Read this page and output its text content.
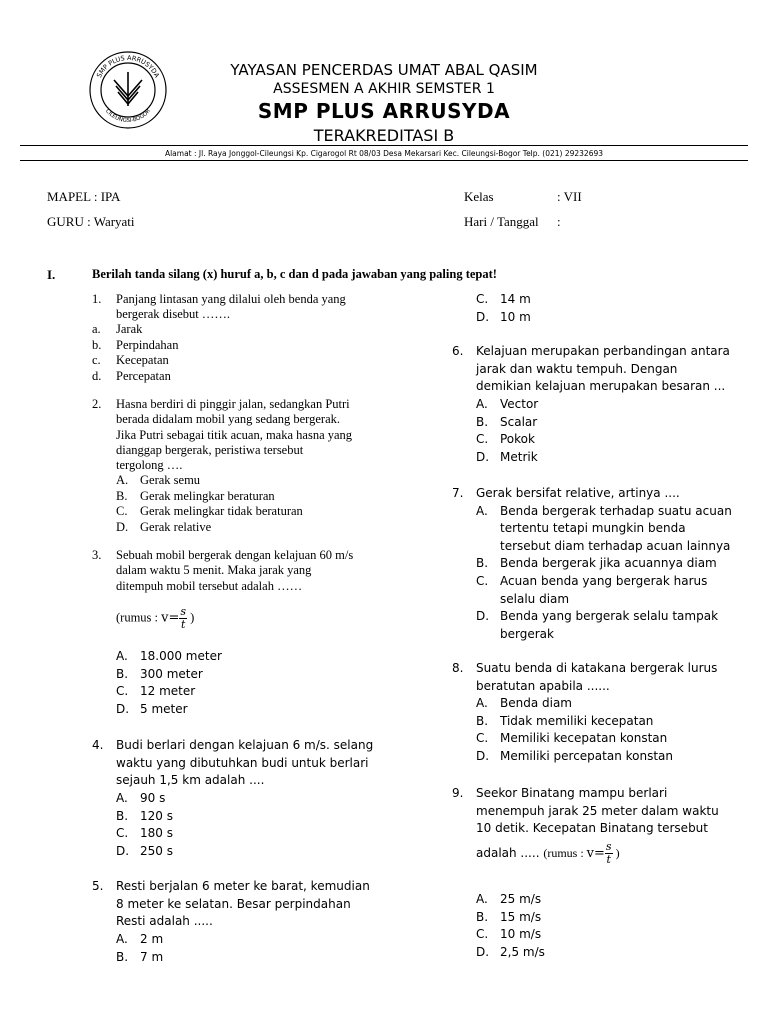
SMP PLUS ARRUSYDA
CILEUNGSI-BOGOR
YAYASAN PENCERDAS UMAT ABAL QASIM
ASSESMEN A AKHIR SEMSTER 1
SMP PLUS ARRUSYDA
TERAKREDITASI B
Alamat : Jl. Raya Jonggol-Cileungsi Kp. Cigarogol Rt 08/03 Desa Mekarsari Kec. Cileungsi-Bogor Telp. (021) 29232693
MAPEL : IPA
GURU : Waryati
Kelas	: VII
Hari / Tanggal :
I.	Berilah tanda silang (x) huruf a, b, c dan d pada jawaban yang paling tepat!
1. Panjang lintasan yang dilalui oleh benda yang
bergerak disebut …….
a. Jarak
b. Perpindahan
c. Kecepatan
d. Percepatan
2. Hasna berdiri di pinggir jalan, sedangkan Putri
berada didalam mobil yang sedang bergerak.
Jika Putri sebagai titik acuan, maka hasna yang
dianggap bergerak, peristiwa tersebut
tergolong ….
A. Gerak semu
B. Gerak melingkar beraturan
C. Gerak melingkar tidak beraturan
D. Gerak relative
3. Sebuah mobil bergerak dengan kelajuan 60 m/s
dalam waktu 5 menit. Maka jarak yang
ditempuh mobil tersebut adalah ……
(rumus : $v= \frac{s}{t}$ )
A. 18.000 meter
B. 300 meter
C. 12 meter
D. 5 meter
4. Budi berlari dengan kelajuan 6 m/s. selang
waktu yang dibutuhkan budi untuk berlari
sejauh 1,5 km adalah ....
A. 90 s
B. 120 s
C. 180 s
D. 250 s
5. Resti berjalan 6 meter ke barat, kemudian
8 meter ke selatan. Besar perpindahan
Resti adalah .....
A. 2 m
B. 7 m
C. 14 m
D. 10 m
6. Kelajuan merupakan perbandingan antara
jarak dan waktu tempuh. Dengan
demikian kelajuan merupakan besaran ...
A. Vector
B. Scalar
C. Pokok
D. Metrik
7. Gerak bersifat relative, artinya ....
A. Benda bergerak terhadap suatu acuan
tertentu tetapi mungkin benda
tersebut diam terhadap acuan lainnya
B. Benda bergerak jika acuannya diam
C. Acuan benda yang bergerak harus
selalu diam
D. Benda yang bergerak selalu tampak
bergerak
8. Suatu benda di katakana bergerak lurus
beratutan apabila ......
A. Benda diam
B. Tidak memiliki kecepatan
C. Memiliki kecepatan konstan
D. Memiliki percepatan konstan
9. Seekor Binatang mampu berlari
menempuh jarak 25 meter dalam waktu
10 detik. Kecepatan Binatang tersebut
adalah ..... (rumus : $v= \frac{s}{t}$ )
A. 25 m/s
B. 15 m/s
C. 10 m/s
D. 2,5 m/s
